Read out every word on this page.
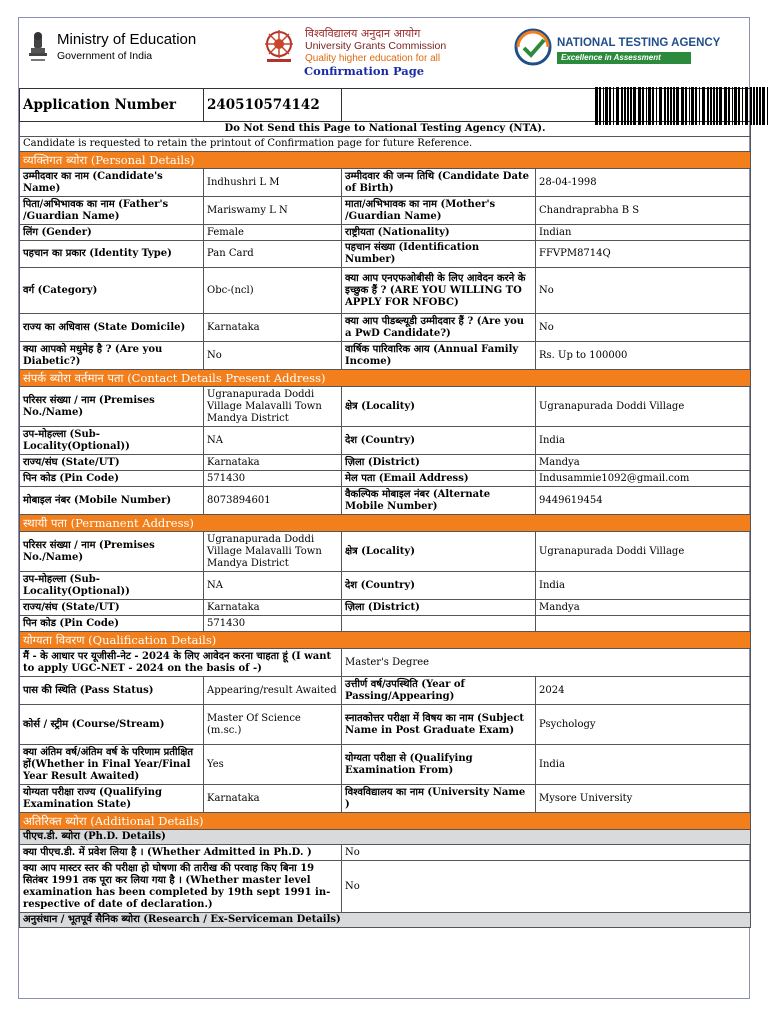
Ministry of Education
Government of India
विश्वविद्यालय अनुदान आयोग
University Grants Commission
Quality higher education for all
Confirmation Page
NATIONAL TESTING AGENCY
Excellence in Assessment
Application Number	240510574142	

Do Not Send this Page to National Testing Agency (NTA).			
Candidate is requested to retain the printout of Confirmation page for future Reference.			
व्यक्तिगत ब्योरा (Personal Details)			
उम्मीदवार का नाम (Candidate's Name)	Indhushri L M	उम्मीदवार की जन्म तिथि (Candidate Date of Birth)	28-04-1998
पिता/अभिभावक का नाम (Father's /Guardian Name)	Mariswamy L N	माता/अभिभावक का नाम (Mother's /Guardian Name)	Chandraprabha B S
लिंग (Gender)	Female	राष्ट्रीयता (Nationality)	Indian
पहचान का प्रकार (Identity Type)	Pan Card	पहचान संख्या (Identification Number)	FFVPM8714Q
वर्ग (Category)	Obc-(ncl)	क्या आप एनएफओबीसी के लिए आवेदन करने के इच्छुक हैं ? (ARE YOU WILLING TO APPLY FOR NFOBC)	No
राज्य का अधिवास (State Domicile)	Karnataka	क्या आप पीडब्ल्यूडी उम्मीदवार हैं ? (Are you a PwD Candidate?)	No
क्या आपको मधुमेह है ? (Are you Diabetic?)	No	वार्षिक पारिवारिक आय (Annual Family Income)	Rs. Up to 100000
संपर्क ब्योरा वर्तमान पता (Contact Details Present Address)			
परिसर संख्या / नाम (Premises No./Name)	Ugranapurada Doddi Village Malavalli Town Mandya District	क्षेत्र (Locality)	Ugranapurada Doddi Village
उप-मोहल्ला (Sub-Locality(Optional))	NA	देश (Country)	India
राज्य/संघ (State/UT)	Karnataka	ज़िला (District)	Mandya
पिन कोड (Pin Code)	571430	मेल पता (Email Address)	Indusammie1092@gmail.com
मोबाइल नंबर (Mobile Number)	8073894601	वैकल्पिक मोबाइल नंबर (Alternate Mobile Number)	9449619454
स्थायी पता (Permanent Address)			
परिसर संख्या / नाम (Premises No./Name)	Ugranapurada Doddi Village Malavalli Town Mandya District	क्षेत्र (Locality)	Ugranapurada Doddi Village
उप-मोहल्ला (Sub-Locality(Optional))	NA	देश (Country)	India
राज्य/संघ (State/UT)	Karnataka	ज़िला (District)	Mandya
पिन कोड (Pin Code)	571430		
योग्यता विवरण (Qualification Details)			
मैं - के आधार पर यूजीसी-नेट - 2024 के लिए आवेदन करना चाहता हूं (I want to apply UGC-NET - 2024 on the basis of -)		Master's Degree	
पास की स्थिति (Pass Status)	Appearing/result Awaited	उत्तीर्ण वर्ष/उपस्थिति (Year of Passing/Appearing)	2024
कोर्स / स्ट्रीम (Course/Stream)	Master Of Science (m.sc.)	स्नातकोत्तर परीक्षा में विषय का नाम (Subject Name in Post Graduate Exam)	Psychology
क्या अंतिम वर्ष/अंतिम वर्ष के परिणाम प्रतीक्षित हों(Whether in Final Year/Final Year Result Awaited)	Yes	योग्यता परीक्षा से (Qualifying Examination From)	India
योग्यता परीक्षा राज्य (Qualifying Examination State)	Karnataka	विश्वविद्यालय का नाम (University Name )	Mysore University
अतिरिक्त ब्योरा (Additional Details)			
पीएच.डी. ब्योरा (Ph.D. Details)			
क्या पीएच.डी. में प्रवेश लिया है । (Whether Admitted in Ph.D. )		No	
क्या आप मास्टर स्तर की परीक्षा हो घोषणा की तारीख की परवाह किए बिना 19 सितंबर 1991 तक पूरा कर लिया गया है । (Whether master level examination has been completed by 19th sept 1991 in-respective of date of declaration.)		No	
अनुसंधान / भूतपूर्व सैनिक ब्योरा (Research / Ex-Serviceman Details)			
